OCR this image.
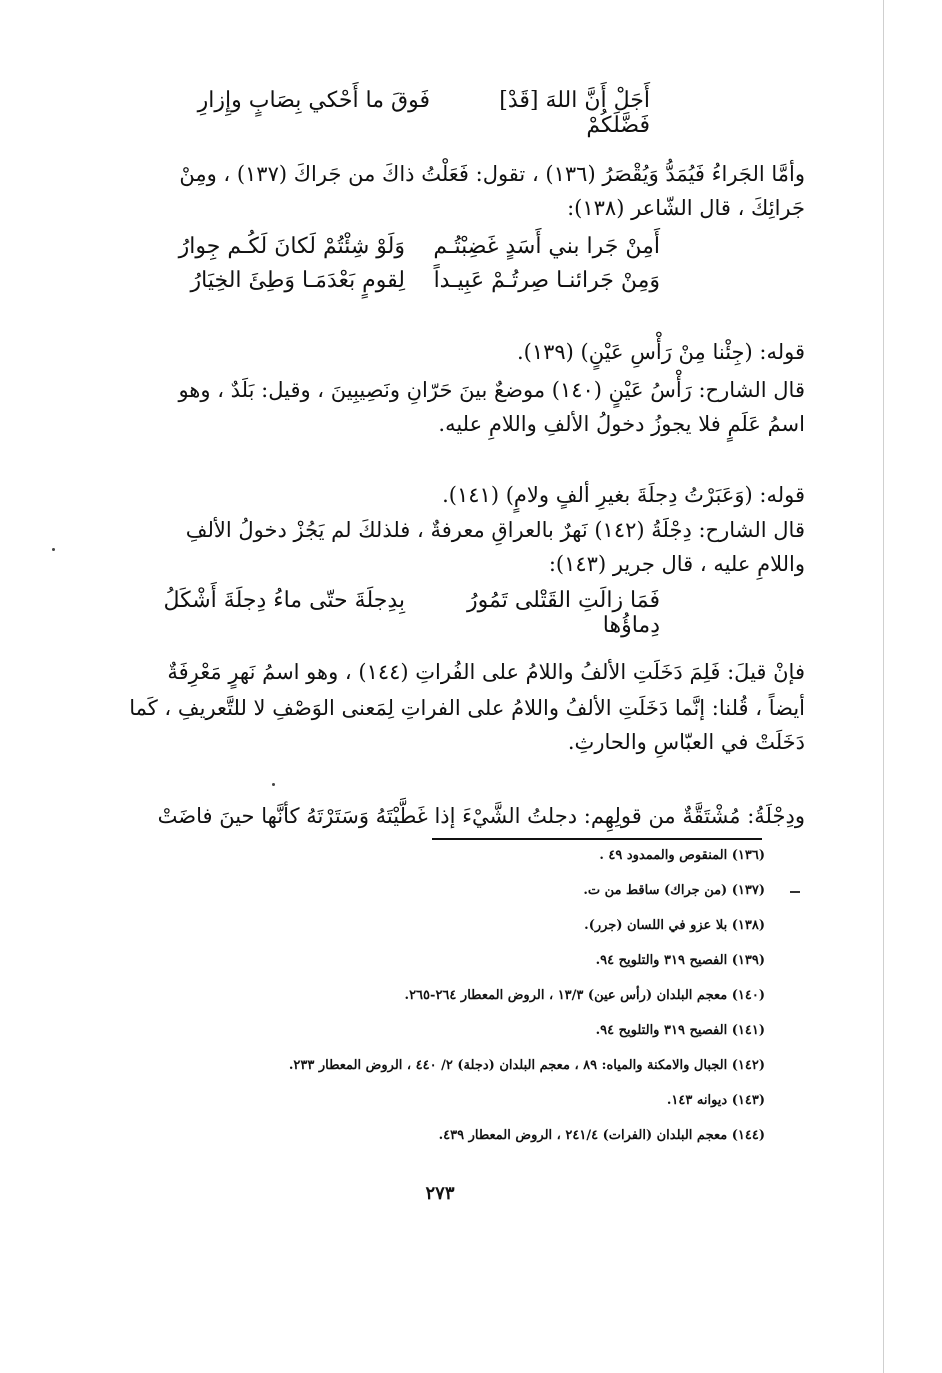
أَجَلْ أَنَّ اللهَ [قَدْ] فَضَّلَكُمْ
فَوقَ ما أَحْكي بِصَابٍ وإِزارِ
وأمَّا الجَراءُ فَيُمَدُّ وَيُقْصَرُ (١٣٦) ، تقول: فَعَلْتُ ذاكَ من جَراكَ (١٣٧) ، ومِنْ
جَرائِكَ ، قال الشّاعر (١٣٨):
أَمِنْ جَرا بني أَسَدٍ غَضِبْتُـم
وَلَوْ شِئْتُمْ لَكانَ لَكُـم جِوارُ
وَمِنْ جَرائنـا صِرتُـمْ عَبِيـداً
لِقومٍ بَعْدَمَـا وَطِئَ الخِيَارُ
قوله: (جِئْنا مِنْ رَأْسِ عَيْنٍ) (١٣٩).
قال الشارح: رَأْسُ عَيْنٍ (١٤٠) موضعٌ بينَ حَرّانِ ونَصِيبِينَ ، وقيل: بَلَدٌ ، وهو
اسمُ عَلَمٍ فلا يجوزُ دخولُ الألفِ واللامِ عليه.
قوله: (وَعَبَرْتُ دِجلَةَ بغيرِ ألفٍ ولامٍ) (١٤١).
قال الشارح: دِجْلَةُ (١٤٢) نَهرٌ بالعراقِ معرفةٌ ، فلذلكَ لم يَجُزْ دخولُ الألفِ
واللامِ عليه ، قال جرير (١٤٣):
فَمَا زالَتِ القَتْلى تَمُورُ دِماؤُها
بِدِجلَةَ حتّى ماءُ دِجلَةَ أَشْكَلُ
فإنْ قيلَ: فَلِمَ دَخَلَتِ الألفُ واللامُ على الفُراتِ (١٤٤) ، وهو اسمُ نَهرٍ مَعْرِفَةٌ
أيضاً ، قُلنا: إنَّما دَخَلَتِ الألفُ واللامُ على الفراتِ لِمَعنى الوَصْفِ لا للتَّعريفِ ، كَما
دَخَلَتْ في العبّاسِ والحارثِ.
ودِجْلَةُ: مُشْتَقَّةٌ من قولِهِم: دجلتُ الشَّيْءَ إذا غَطَّيْتَهُ وَسَتَرْتَهُ كأنَّها حينَ فاضَتْ
(١٣٦) المنقوص والممدود ٤٩ .
(١٣٧) (من جراك) ساقط من ت.
(١٣٨) بلا عزو في اللسان (جرر).
(١٣٩) الفصيح ٣١٩ والتلويح ٩٤.
(١٤٠) معجم البلدان (رأس عين) ١٣/٣ ، الروض المعطار ٢٦٤-٢٦٥.
(١٤١) الفصيح ٣١٩ والتلويح ٩٤.
(١٤٢) الجبال والامكنة والمياه: ٨٩ ، معجم البلدان (دجلة) ٢/ ٤٤٠ ، الروض المعطار ٢٣٣.
(١٤٣) ديوانه ١٤٣.
(١٤٤) معجم البلدان (الفرات) ٢٤١/٤ ، الروض المعطار ٤٣٩.
٢٧٣
